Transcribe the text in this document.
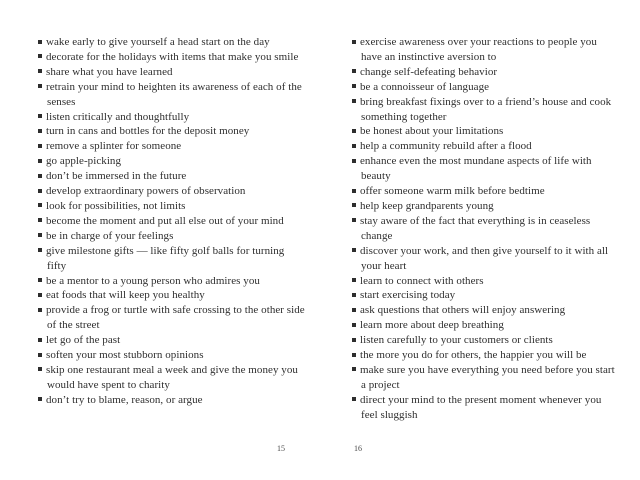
wake early to give yourself a head start on the day
decorate for the holidays with items that make you smile
share what you have learned
retrain your mind to heighten its awareness of each of the senses
listen critically and thoughtfully
turn in cans and bottles for the deposit money
remove a splinter for someone
go apple-picking
don’t be immersed in the future
develop extraordinary powers of observation
look for possibilities, not limits
become the moment and put all else out of your mind
be in charge of your feelings
give milestone gifts — like fifty golf balls for turning fifty
be a mentor to a young person who admires you
eat foods that will keep you healthy
provide a frog or turtle with safe crossing to the other side of the street
let go of the past
soften your most stubborn opinions
skip one restaurant meal a week and give the money you would have spent to charity
don’t try to blame, reason, or argue
exercise awareness over your reactions to people you have an instinctive aversion to
change self-defeating behavior
be a connoisseur of language
bring breakfast fixings over to a friend’s house and cook something together
be honest about your limitations
help a community rebuild after a flood
enhance even the most mundane aspects of life with beauty
offer someone warm milk before bedtime
help keep grandparents young
stay aware of the fact that everything is in ceaseless change
discover your work, and then give yourself to it with all your heart
learn to connect with others
start exercising today
ask questions that others will enjoy answering
learn more about deep breathing
listen carefully to your customers or clients
the more you do for others, the happier you will be
make sure you have everything you need before you start a project
direct your mind to the present moment whenever you feel sluggish
15	16
